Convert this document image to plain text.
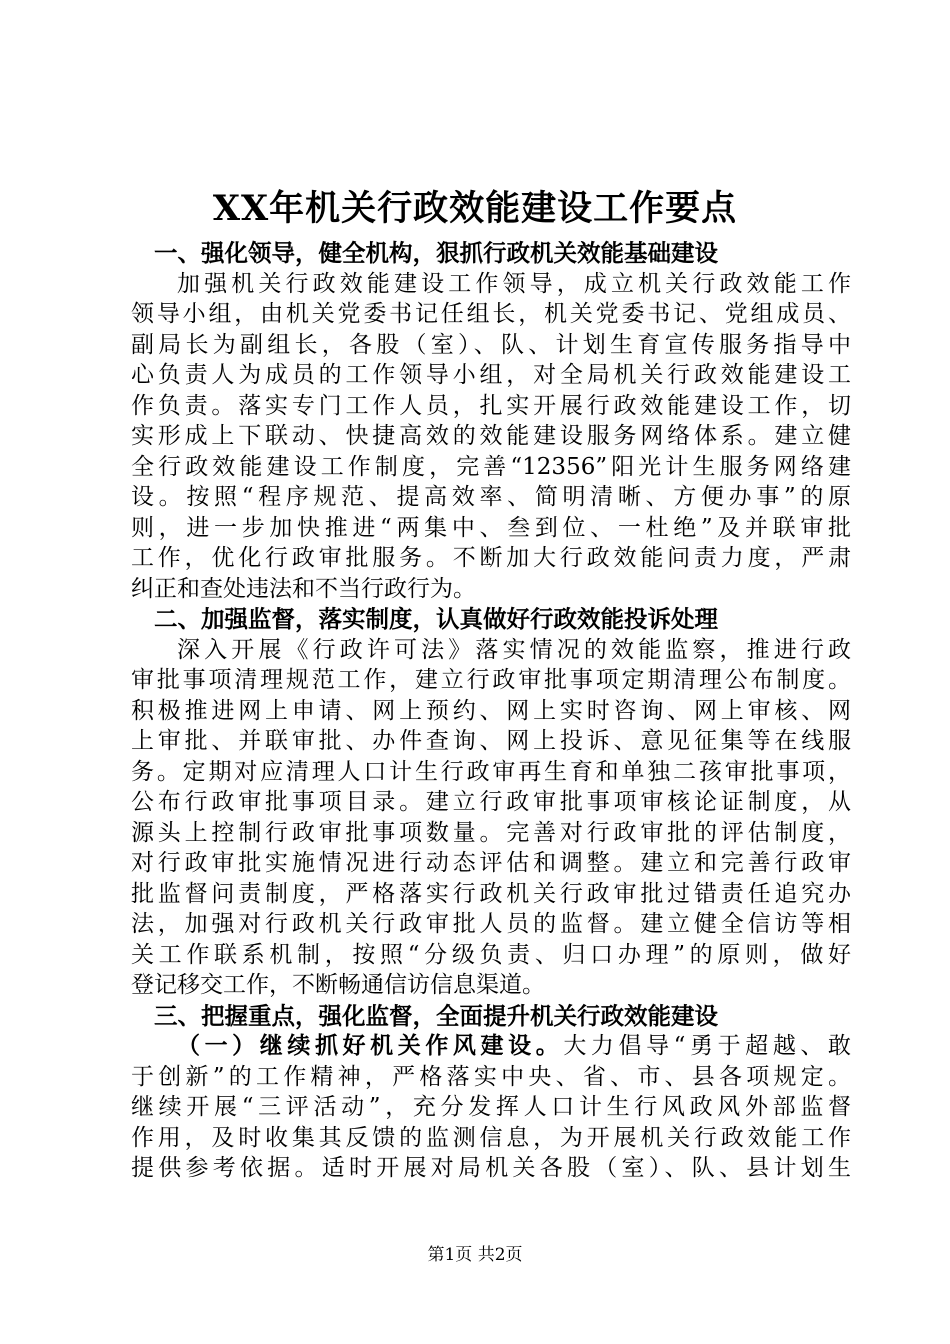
XX年机关行政效能建设工作要点
一、强化领导，健全机构，狠抓行政机关效能基础建设
加强机关行政效能建设工作领导，成立机关行政效能工作
领导小组，由机关党委书记任组长，机关党委书记、党组成员、
副局长为副组长，各股（室）、队、计划生育宣传服务指导中
心负责人为成员的工作领导小组，对全局机关行政效能建设工
作负责。落实专门工作人员，扎实开展行政效能建设工作，切
实形成上下联动、快捷高效的效能建设服务网络体系。建立健
全行政效能建设工作制度，完善“12356”阳光计生服务网络建
设。按照“程序规范、提高效率、简明清晰、方便办事”的原
则，进一步加快推进“两集中、叁到位、一杜绝”及并联审批
工作，优化行政审批服务。不断加大行政效能问责力度，严肃
纠正和查处违法和不当行政行为。
二、加强监督，落实制度，认真做好行政效能投诉处理
深入开展《行政许可法》落实情况的效能监察，推进行政
审批事项清理规范工作，建立行政审批事项定期清理公布制度。
积极推进网上申请、网上预约、网上实时咨询、网上审核、网
上审批、并联审批、办件查询、网上投诉、意见征集等在线服
务。定期对应清理人口计生行政审再生育和单独二孩审批事项，
公布行政审批事项目录。建立行政审批事项审核论证制度，从
源头上控制行政审批事项数量。完善对行政审批的评估制度，
对行政审批实施情况进行动态评估和调整。建立和完善行政审
批监督问责制度，严格落实行政机关行政审批过错责任追究办
法，加强对行政机关行政审批人员的监督。建立健全信访等相
关工作联系机制，按照“分级负责、归口办理”的原则，做好
登记移交工作，不断畅通信访信息渠道。
三、把握重点，强化监督，全面提升机关行政效能建设
（一）继续抓好机关作风建设。大力倡导“勇于超越、敢
于创新”的工作精神，严格落实中央、省、市、县各项规定。
继续开展“三评活动”，充分发挥人口计生行风政风外部监督
作用，及时收集其反馈的监测信息，为开展机关行政效能工作
提供参考依据。适时开展对局机关各股（室）、队、县计划生
第1页 共2页
